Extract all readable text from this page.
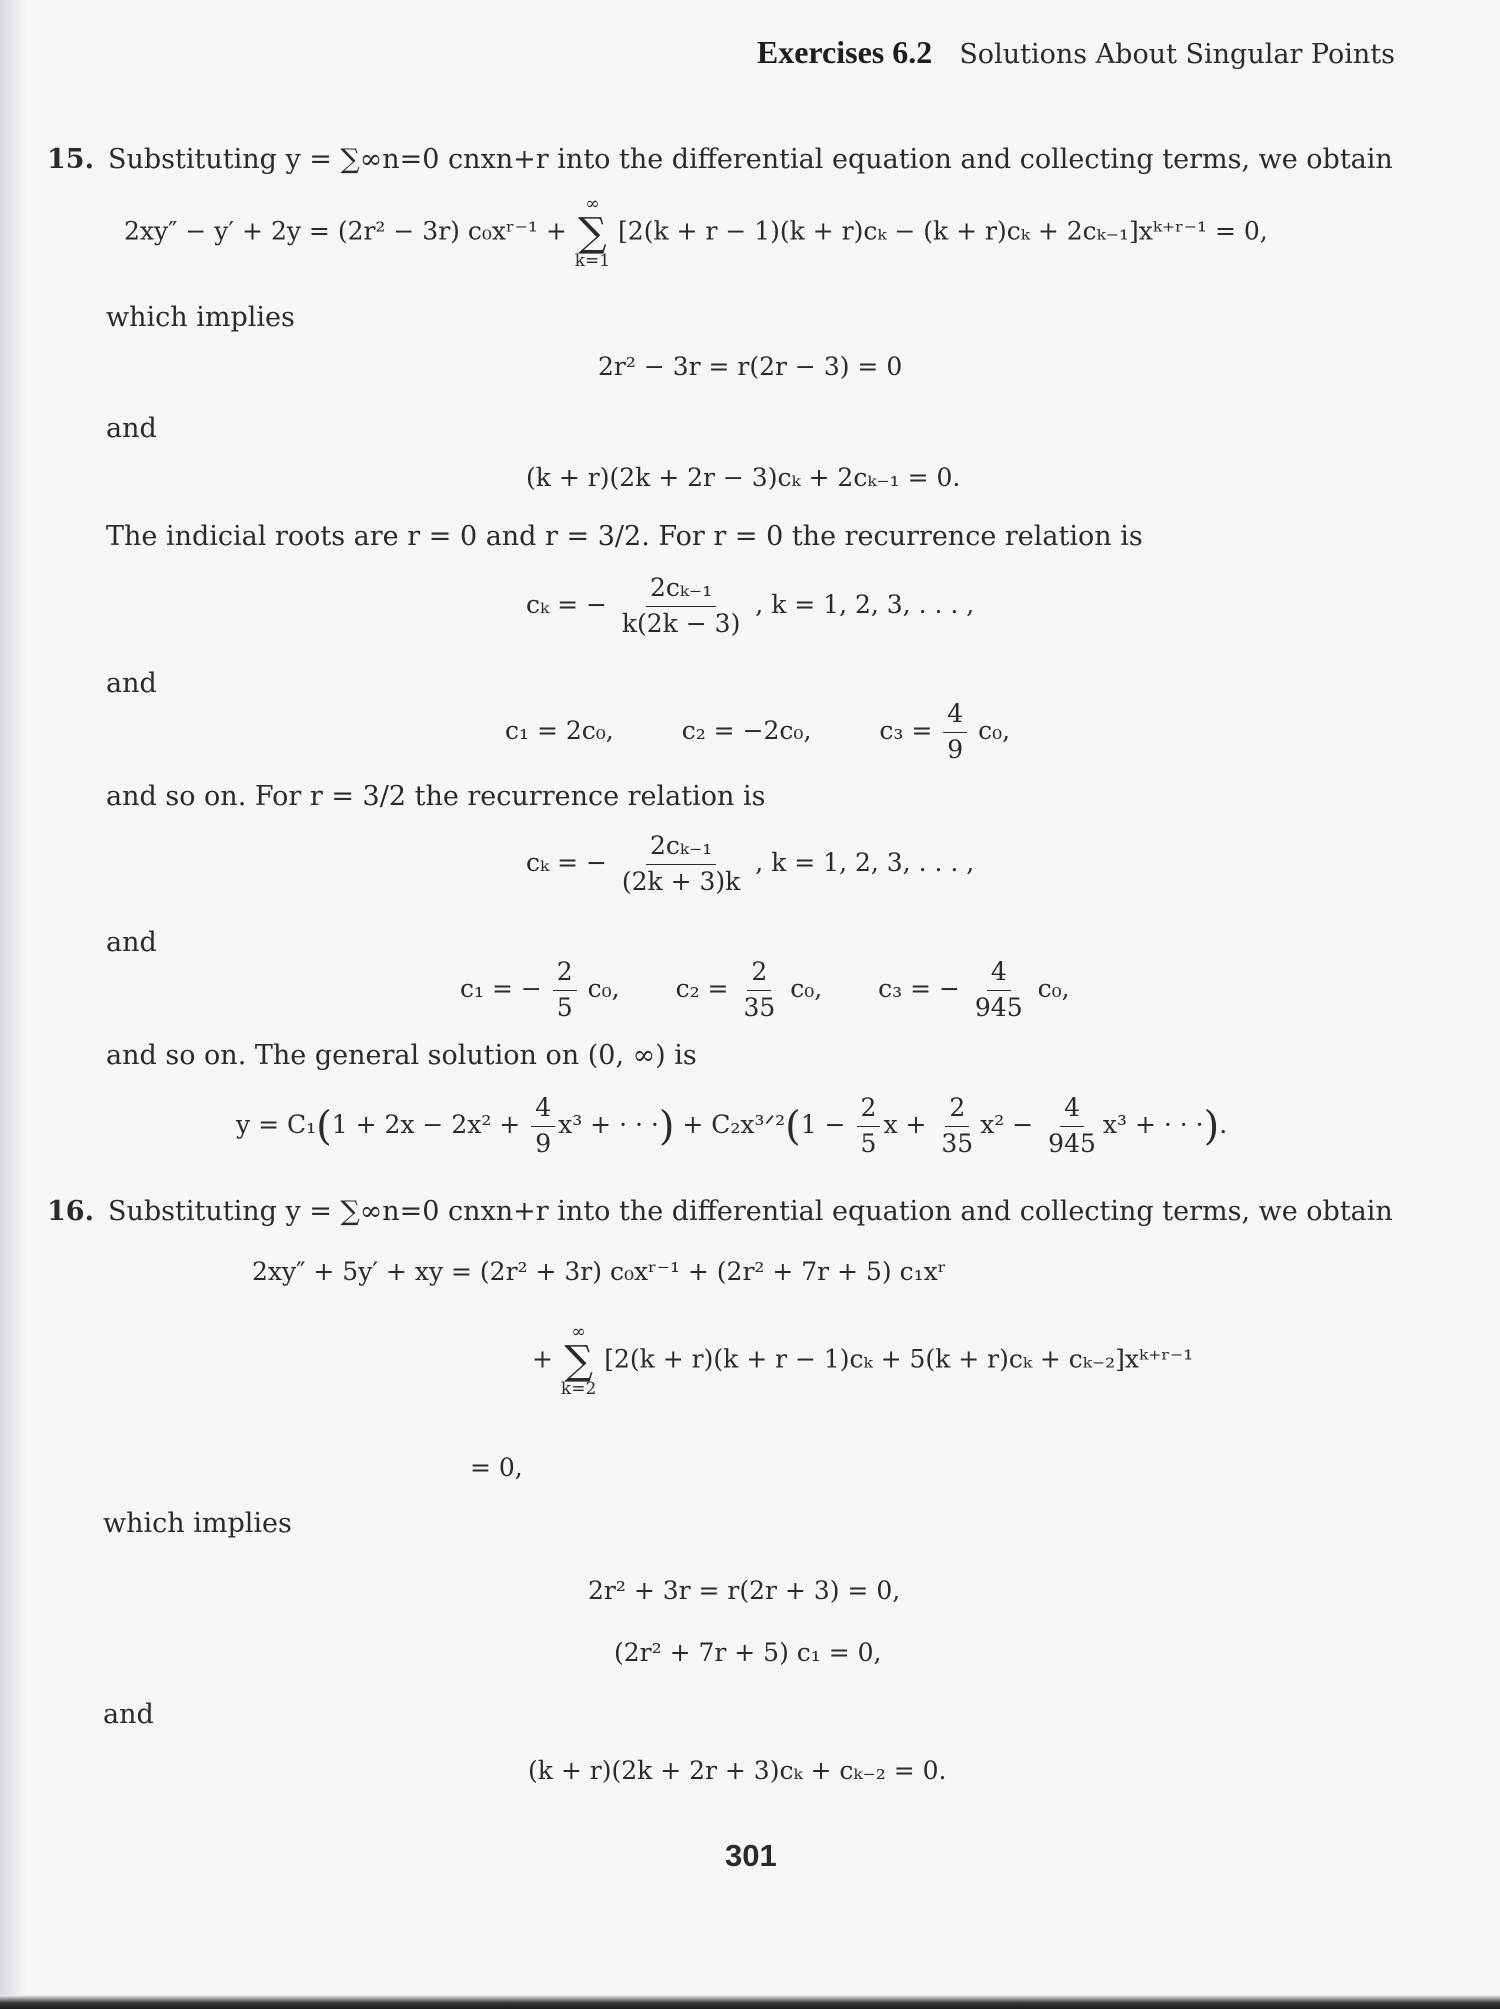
Exercises 6.2 Solutions About Singular Points
15. Substituting y = ∑∞n=0 cnxn+r into the differential equation and collecting terms, we obtain
2xy″ − y′ + 2y = (2r² − 3r) c₀xʳ⁻¹ +
∞
∑
k=1
[2(k + r − 1)(k + r)cₖ − (k + r)cₖ + 2cₖ₋₁]xᵏ⁺ʳ⁻¹ = 0,
which implies
2r² − 3r = r(2r − 3) = 0
and
(k + r)(2k + 2r − 3)cₖ + 2cₖ₋₁ = 0.
The indicial roots are r = 0 and r = 3/2. For r = 0 the recurrence relation is
cₖ = − $\frac{\text{2cₖ₋₁}}{k(2k - 3)}$ , k = 1, 2, 3, . . . ,
and
c₁ = 2c₀,	c₂ = −2c₀,	$c_3 = \frac{4}{9} c_0$,
and so on. For r = 3/2 the recurrence relation is
cₖ = − $\frac{\text{2cₖ₋₁}}{(2k + 3)k}$ , k = 1, 2, 3, . . . ,
and
c₁ = − $\frac{2}{5} c_0$, $c_2 = \frac{2}{35} c_0$, c₃ = − $\frac{4}{945} c_0$,
and so on. The general solution on (0, ∞) is
$y = C_1(1 + 2x - 2x^2 + \frac{4}{9} x^3$ + · · ·) + C₂x³ᐟ²(1 − $\frac{2}{5}$ $x + \frac{2}{35} x^2 - \frac{4}{945} x^3$ + · · ·).
16. Substituting y = ∑∞n=0 cnxn+r into the differential equation and collecting terms, we obtain
2xy″ + 5y′ + xy = (2r² + 3r) c₀xʳ⁻¹ + (2r² + 7r + 5) c₁xʳ
+
∞
∑
k=2
[2(k + r)(k + r − 1)cₖ + 5(k + r)cₖ + cₖ₋₂]xᵏ⁺ʳ⁻¹
= 0,
which implies
2r² + 3r = r(2r + 3) = 0,
(2r² + 7r + 5) c₁ = 0,
and
(k + r)(2k + 2r + 3)cₖ + cₖ₋₂ = 0.
301
